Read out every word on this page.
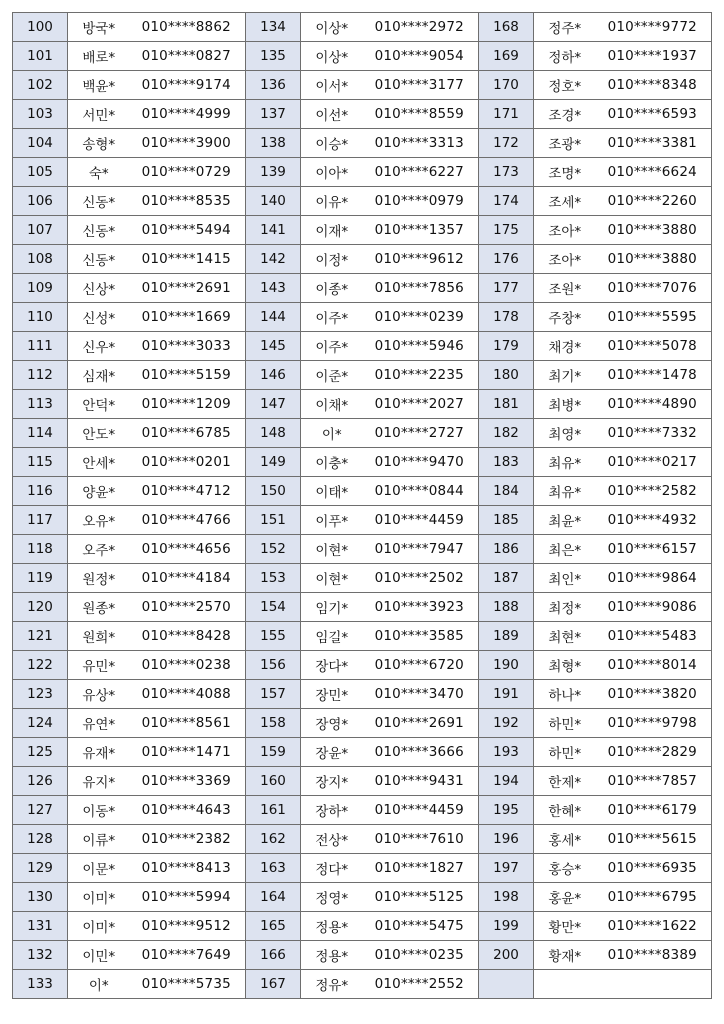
100	방국*	010****8862	134	이상*	010****2972	168	정주*	010****9772
101	배로*	010****0827	135	이상*	010****9054	169	정하*	010****1937
102	백윤*	010****9174	136	이서*	010****3177	170	정호*	010****8348
103	서민*	010****4999	137	이선*	010****8559	171	조경*	010****6593
104	송형*	010****3900	138	이승*	010****3313	172	조광*	010****3381
105	숙*	010****0729	139	이아*	010****6227	173	조명*	010****6624
106	신동*	010****8535	140	이유*	010****0979	174	조세*	010****2260
107	신동*	010****5494	141	이재*	010****1357	175	조아*	010****3880
108	신동*	010****1415	142	이정*	010****9612	176	조아*	010****3880
109	신상*	010****2691	143	이종*	010****7856	177	조원*	010****7076
110	신성*	010****1669	144	이주*	010****0239	178	주창*	010****5595
111	신우*	010****3033	145	이주*	010****5946	179	채경*	010****5078
112	심재*	010****5159	146	이준*	010****2235	180	최기*	010****1478
113	안덕*	010****1209	147	이채*	010****2027	181	최병*	010****4890
114	안도*	010****6785	148	이*	010****2727	182	최영*	010****7332
115	안세*	010****0201	149	이충*	010****9470	183	최유*	010****0217
116	양윤*	010****4712	150	이태*	010****0844	184	최유*	010****2582
117	오유*	010****4766	151	이푸*	010****4459	185	최윤*	010****4932
118	오주*	010****4656	152	이현*	010****7947	186	최은*	010****6157
119	원정*	010****4184	153	이현*	010****2502	187	최인*	010****9864
120	원종*	010****2570	154	임기*	010****3923	188	최정*	010****9086
121	원희*	010****8428	155	임길*	010****3585	189	최현*	010****5483
122	유민*	010****0238	156	장다*	010****6720	190	최형*	010****8014
123	유상*	010****4088	157	장민*	010****3470	191	하나*	010****3820
124	유연*	010****8561	158	장영*	010****2691	192	하민*	010****9798
125	유재*	010****1471	159	장윤*	010****3666	193	하민*	010****2829
126	유지*	010****3369	160	장지*	010****9431	194	한제*	010****7857
127	이동*	010****4643	161	장하*	010****4459	195	한혜*	010****6179
128	이류*	010****2382	162	전상*	010****7610	196	홍세*	010****5615
129	이문*	010****8413	163	정다*	010****1827	197	홍승*	010****6935
130	이미*	010****5994	164	정영*	010****5125	198	홍윤*	010****6795
131	이미*	010****9512	165	정용*	010****5475	199	황만*	010****1622
132	이민*	010****7649	166	정용*	010****0235	200	황재*	010****8389
133	이*	010****5735	167	정유*	010****2552			
